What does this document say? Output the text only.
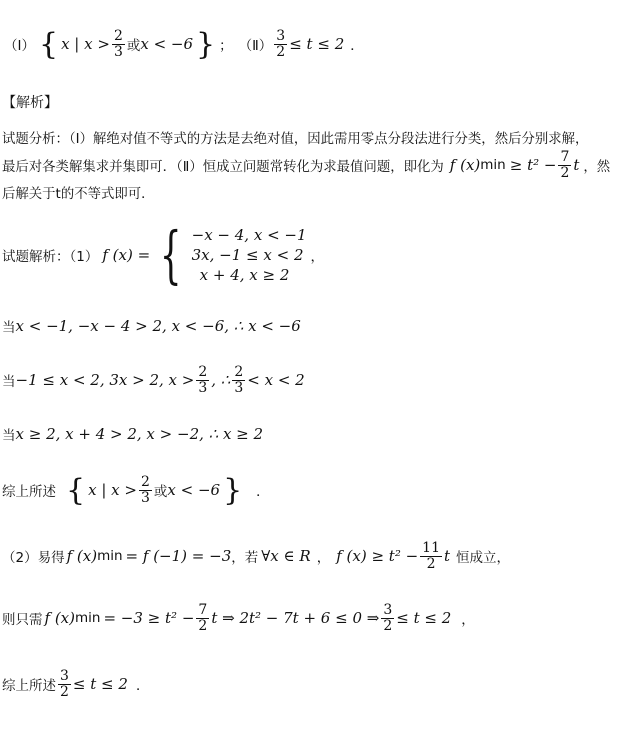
（Ⅰ） { x | $x > \frac{2}{3}$ 或 x < −6 } ； （Ⅱ） $\frac{3}{2} \le t \le 2$ ．
【解析】
试题分析：（Ⅰ）解绝对值不等式的方法是去绝对值，因此需用零点分段法进行分类，然后分别求解，
最后对各类解集求并集即可．（Ⅱ）恒成立问题常转化为求最值问题，即化为 f (x) $\min \ge t^2 - \frac{7}{2}$ t ，然
后解关于t的不等式即可．
试题解析：（1） f (x) = { −x − 4, x < −1
3x, −1 ≤ x < 2
x + 4, x ≥ 2
，
当 x < −1, −x − 4 > 2, x < −6, ∴ x < −6
当 −1 ≤ x < 2, 3x > 2, $x > \frac{2}{3}$ , ∴ $\frac{2}{3} < x < 2$
当 x ≥ 2, x + 4 > 2, x > −2, ∴ x ≥ 2
综上所述 { x | $x > \frac{2}{3}$ 或 x < −6 } ．
（2）易得 f (x) min = f (−1) = −3 ，若 ∀x ∈ R ， f $(x) \ge t^2 - \frac{11}{2}$ t 恒成立，
则只需 f (x) $\min = -3 \ge t^2 - \frac{7}{2}$ t ⇒ 2t² − 7t + 6 ≤ 0 ⇒ $\frac{3}{2} \le t \le 2$ ，
综上所述 $\frac{3}{2} \le t \le 2$ ．
